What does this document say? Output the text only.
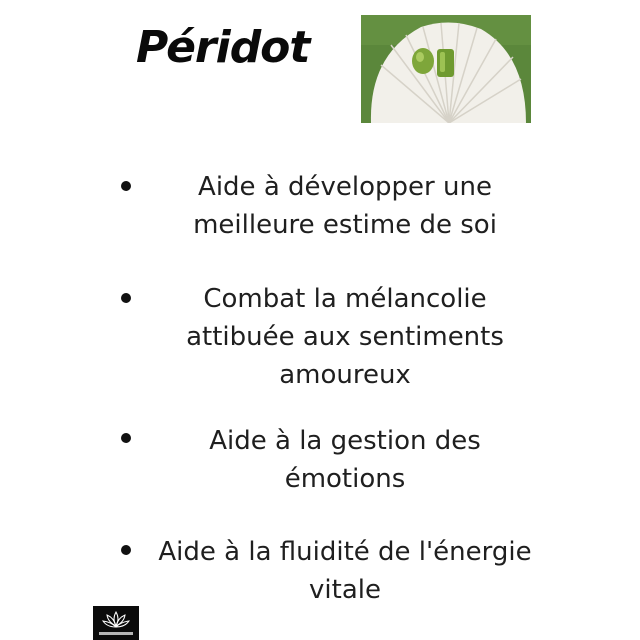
Péridot
Aide à développer une
meilleure estime de soi
Combat la mélancolie
attibuée aux sentiments
amoureux
Aide à la gestion des
émotions
Aide à la fluidité de l'énergie
vitale
